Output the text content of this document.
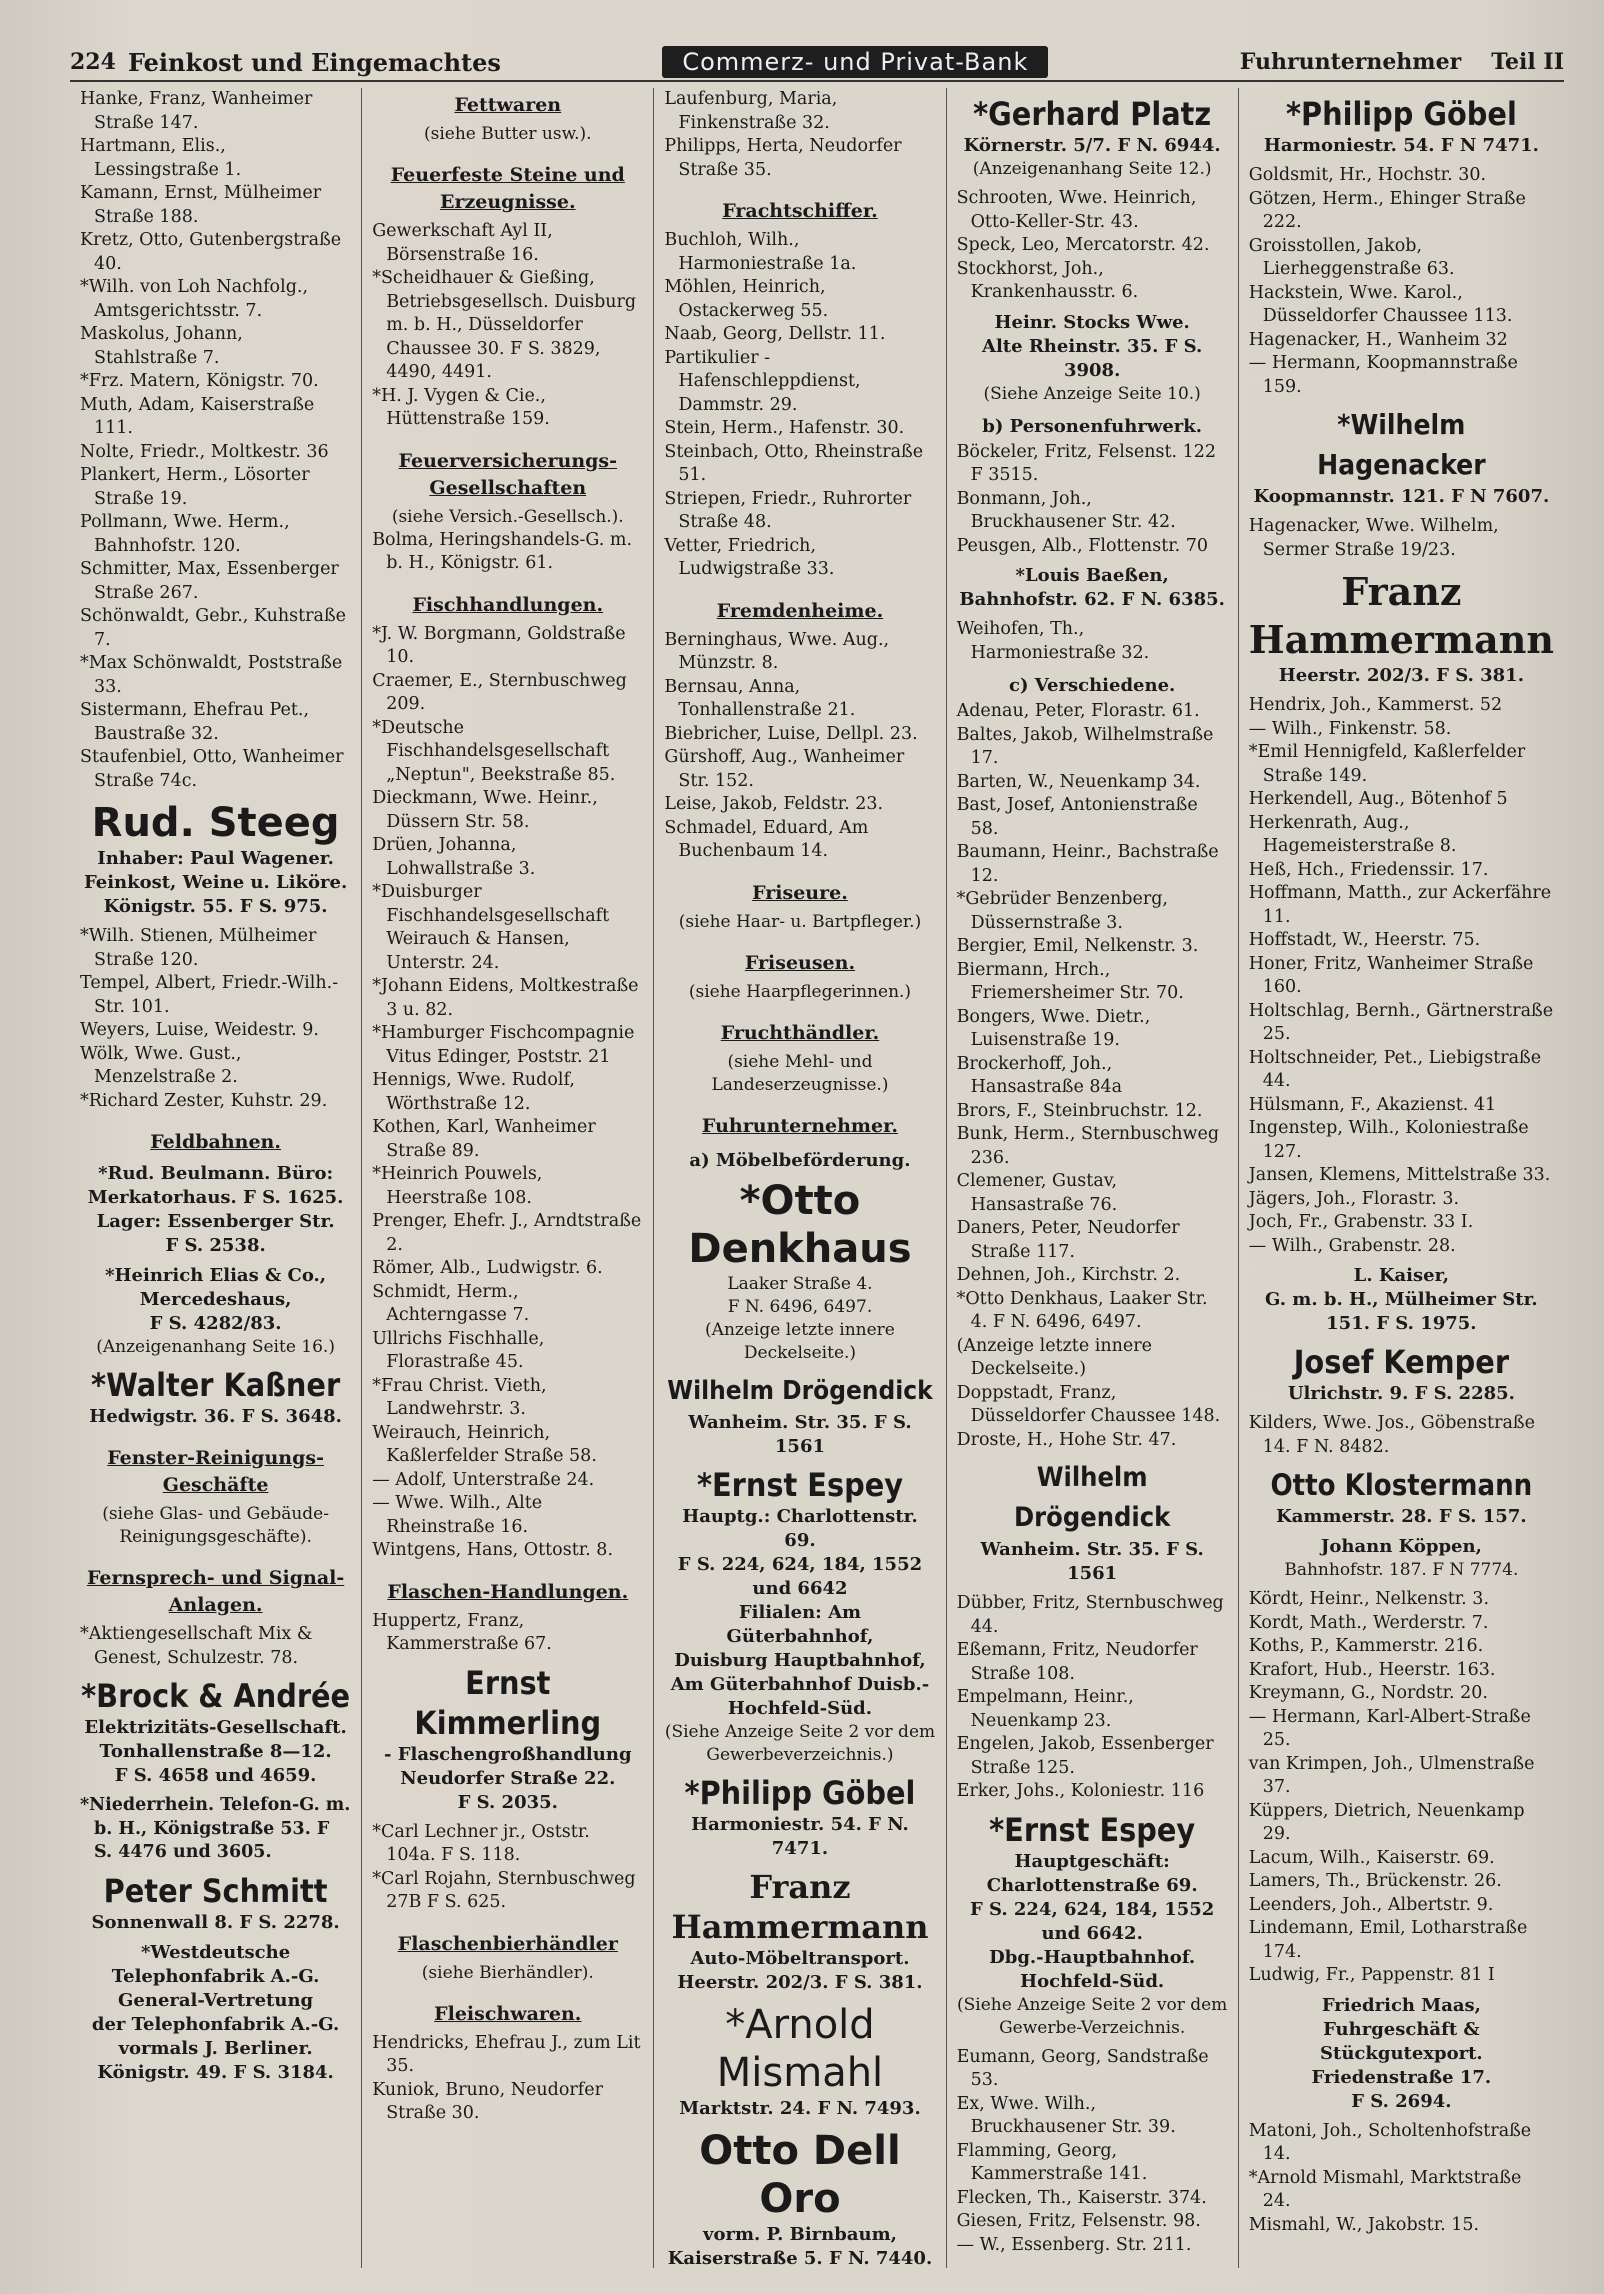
224 Feinkost und Eingemachtes	Commerz- und Privat-Bank	Fuhrunternehmer Teil II

Hanke, Franz, Wanheimer Straße 147.

Hartmann, Elis., Lessingstraße 1.

Kamann, Ernst, Mülheimer Straße 188.

Kretz, Otto, Gutenbergstraße 40.

*Wilh. von Loh Nachfolg., Amtsgerichtsstr. 7.

Maskolus, Johann, Stahlstraße 7.

*Frz. Matern, Königstr. 70.

Muth, Adam, Kaiserstraße 111.

Nolte, Friedr., Moltkestr. 36

Plankert, Herm., Lösorter Straße 19.

Pollmann, Wwe. Herm., Bahnhofstr. 120.

Schmitter, Max, Essenberger Straße 267.

Schönwaldt, Gebr., Kuhstraße 7.

*Max Schönwaldt, Poststraße 33.

Sistermann, Ehefrau Pet., Baustraße 32.

Staufenbiel, Otto, Wanheimer Straße 74c.

Rud. Steeg
Inhaber: Paul Wagener.
Feinkost, Weine u. Liköre.
Königstr. 55. F S. 975.

*Wilh. Stienen, Mülheimer Straße 120.

Tempel, Albert, Friedr.-Wilh.-Str. 101.

Weyers, Luise, Weidestr. 9.

Wölk, Wwe. Gust., Menzelstraße 2.

*Richard Zester, Kuhstr. 29.

Feldbahnen.
*Rud. Beulmann. Büro:
Merkatorhaus. F S. 1625.
Lager: Essenberger Str.
F S. 2538.
*Heinrich Elias & Co.,
Mercedeshaus,
F S. 4282/83.
(Anzeigenanhang Seite 16.)
*Walter Kaßner
Hedwigstr. 36. F S. 3648.
Fenster-Reinigungs-Geschäfte

(siehe Glas- und Gebäude-Reinigungsgeschäfte).

Fernsprech- und Signal-Anlagen.

*Aktiengesellschaft Mix & Genest, Schulzestr. 78.

*Brock & Andrée
Elektrizitäts-Gesellschaft.
Tonhallenstraße 8—12.
F S. 4658 und 4659.

*Niederrhein. Telefon-G. m. b. H., Königstraße 53. F S. 4476 und 3605.

Peter Schmitt
Sonnenwall 8. F S. 2278.
*Westdeutsche
Telephonfabrik A.-G.
General-Vertretung
der Telephonfabrik A.-G.
vormals J. Berliner.
Königstr. 49. F S. 3184.
Fettwaren

(siehe Butter usw.).

Feuerfeste Steine und Erzeugnisse.

Gewerkschaft Ayl II, Börsenstraße 16.

*Scheidhauer & Gießing, Betriebsgesellsch. Duisburg m. b. H., Düsseldorfer Chaussee 30. F S. 3829, 4490, 4491.

*H. J. Vygen & Cie., Hüttenstraße 159.

Feuerversicherungs-Gesellschaften

(siehe Versich.-Gesellsch.).

Bolma, Heringshandels-G. m. b. H., Königstr. 61.

Fischhandlungen.

*J. W. Borgmann, Goldstraße 10.

Craemer, E., Sternbuschweg 209.

*Deutsche Fischhandelsgesellschaft „Neptun", Beekstraße 85.

Dieckmann, Wwe. Heinr., Düssern Str. 58.

Drüen, Johanna, Lohwallstraße 3.

*Duisburger Fischhandelsgesellschaft Weirauch & Hansen, Unterstr. 24.

*Johann Eidens, Moltkestraße 3 u. 82.

*Hamburger Fischcompagnie Vitus Edinger, Poststr. 21

Hennigs, Wwe. Rudolf, Wörthstraße 12.

Kothen, Karl, Wanheimer Straße 89.

*Heinrich Pouwels, Heerstraße 108.

Prenger, Ehefr. J., Arndtstraße 2.

Römer, Alb., Ludwigstr. 6.

Schmidt, Herm., Achterngasse 7.

Ullrichs Fischhalle, Florastraße 45.

*Frau Christ. Vieth, Landwehrstr. 3.

Weirauch, Heinrich, Kaßlerfelder Straße 58.

— Adolf, Unterstraße 24.

— Wwe. Wilh., Alte Rheinstraße 16.

Wintgens, Hans, Ottostr. 8.

Flaschen-Handlungen.

Huppertz, Franz, Kammerstraße 67.

Ernst Kimmerling
- Flaschengroßhandlung
Neudorfer Straße 22.
F S. 2035.

*Carl Lechner jr., Oststr. 104a. F S. 118.

*Carl Rojahn, Sternbuschweg 27B F S. 625.

Flaschenbierhändler

(siehe Bierhändler).

Fleischwaren.

Hendricks, Ehefrau J., zum Lit 35.

Kuniok, Bruno, Neudorfer Straße 30.

Laufenburg, Maria, Finkenstraße 32.

Philipps, Herta, Neudorfer Straße 35.

Frachtschiffer.

Buchloh, Wilh., Harmoniestraße 1a.

Möhlen, Heinrich, Ostackerweg 55.

Naab, Georg, Dellstr. 11.

Partikulier - Hafenschleppdienst, Dammstr. 29.

Stein, Herm., Hafenstr. 30.

Steinbach, Otto, Rheinstraße 51.

Striepen, Friedr., Ruhrorter Straße 48.

Vetter, Friedrich, Ludwigstraße 33.

Fremdenheime.

Berninghaus, Wwe. Aug., Münzstr. 8.

Bernsau, Anna, Tonhallenstraße 21.

Biebricher, Luise, Dellpl. 23.

Gürshoff, Aug., Wanheimer Str. 152.

Leise, Jakob, Feldstr. 23.

Schmadel, Eduard, Am Buchenbaum 14.

Friseure.

(siehe Haar- u. Bartpfleger.)

Friseusen.

(siehe Haarpflegerinnen.)

Fruchthändler.

(siehe Mehl- und Landeserzeugnisse.)

Fuhrunternehmer.
a) Möbelbeförderung.
*Otto Denkhaus
Laaker Straße 4.
F N. 6496, 6497.
(Anzeige letzte innere Deckelseite.)
Wilhelm Drögendick
Wanheim. Str. 35. F S. 1561
*Ernst Espey
Hauptg.: Charlottenstr. 69.
F S. 224, 624, 184, 1552
und 6642
Filialen: Am Güterbahnhof,
Duisburg Hauptbahnhof,
Am Güterbahnhof Duisb.-
Hochfeld-Süd.
(Siehe Anzeige Seite 2 vor dem Gewerbeverzeichnis.)
*Philipp Göbel
Harmoniestr. 54. F N. 7471.
Franz Hammermann
Auto-Möbeltransport.
Heerstr. 202/3. F S. 381.
*Arnold Mismahl
Marktstr. 24. F N. 7493.
Otto Dell Oro
vorm. P. Birnbaum,
Kaiserstraße 5. F N. 7440.
*Gerhard Platz
Körnerstr. 5/7. F N. 6944.
(Anzeigenanhang Seite 12.)

Schrooten, Wwe. Heinrich, Otto-Keller-Str. 43.

Speck, Leo, Mercatorstr. 42.

Stockhorst, Joh., Krankenhausstr. 6.

Heinr. Stocks Wwe.
Alte Rheinstr. 35. F S. 3908.
(Siehe Anzeige Seite 10.)
b) Personenfuhrwerk.

Böckeler, Fritz, Felsenst. 122 F 3515.

Bonmann, Joh., Bruckhausener Str. 42.

Peusgen, Alb., Flottenstr. 70

*Louis Baeßen,
Bahnhofstr. 62. F N. 6385.

Weihofen, Th., Harmoniestraße 32.

c) Verschiedene.

Adenau, Peter, Florastr. 61.

Baltes, Jakob, Wilhelmstraße 17.

Barten, W., Neuenkamp 34.

Bast, Josef, Antonienstraße 58.

Baumann, Heinr., Bachstraße 12.

*Gebrüder Benzenberg, Düssernstraße 3.

Bergier, Emil, Nelkenstr. 3.

Biermann, Hrch., Friemersheimer Str. 70.

Bongers, Wwe. Dietr., Luisenstraße 19.

Brockerhoff, Joh., Hansastraße 84a

Brors, F., Steinbruchstr. 12.

Bunk, Herm., Sternbuschweg 236.

Clemener, Gustav, Hansastraße 76.

Daners, Peter, Neudorfer Straße 117.

Dehnen, Joh., Kirchstr. 2.

*Otto Denkhaus, Laaker Str. 4. F N. 6496, 6497.

(Anzeige letzte innere Deckelseite.)

Doppstadt, Franz, Düsseldorfer Chaussee 148.

Droste, H., Hohe Str. 47.

Wilhelm Drögendick
Wanheim. Str. 35. F S. 1561

Dübber, Fritz, Sternbuschweg 44.

Eßemann, Fritz, Neudorfer Straße 108.

Empelmann, Heinr., Neuenkamp 23.

Engelen, Jakob, Essenberger Straße 125.

Erker, Johs., Koloniestr. 116

*Ernst Espey
Hauptgeschäft:
Charlottenstraße 69.
F S. 224, 624, 184, 1552
und 6642.
Dbg.-Hauptbahnhof.
Hochfeld-Süd.
(Siehe Anzeige Seite 2 vor dem Gewerbe-Verzeichnis.

Eumann, Georg, Sandstraße 53.

Ex, Wwe. Wilh., Bruckhausener Str. 39.

Flamming, Georg, Kammerstraße 141.

Flecken, Th., Kaiserstr. 374.

Giesen, Fritz, Felsenstr. 98.

— W., Essenberg. Str. 211.

*Philipp Göbel
Harmoniestr. 54. F N 7471.

Goldsmit, Hr., Hochstr. 30.

Götzen, Herm., Ehinger Straße 222.

Groisstollen, Jakob, Lierheggenstraße 63.

Hackstein, Wwe. Karol., Düsseldorfer Chaussee 113.

Hagenacker, H., Wanheim 32

— Hermann, Koopmannstraße 159.

*Wilhelm Hagenacker
Koopmannstr. 121. F N 7607.

Hagenacker, Wwe. Wilhelm, Sermer Straße 19/23.

Franz Hammermann
Heerstr. 202/3. F S. 381.

Hendrix, Joh., Kammerst. 52

— Wilh., Finkenstr. 58.

*Emil Hennigfeld, Kaßlerfelder Straße 149.

Herkendell, Aug., Bötenhof 5

Herkenrath, Aug., Hagemeisterstraße 8.

Heß, Hch., Friedenssir. 17.

Hoffmann, Matth., zur Ackerfähre 11.

Hoffstadt, W., Heerstr. 75.

Honer, Fritz, Wanheimer Straße 160.

Holtschlag, Bernh., Gärtnerstraße 25.

Holtschneider, Pet., Liebigstraße 44.

Hülsmann, F., Akazienst. 41

Ingenstep, Wilh., Koloniestraße 127.

Jansen, Klemens, Mittelstraße 33.

Jägers, Joh., Florastr. 3.

Joch, Fr., Grabenstr. 33 I.

— Wilh., Grabenstr. 28.

L. Kaiser,
G. m. b. H., Mülheimer Str. 151. F S. 1975.
Josef Kemper
Ulrichstr. 9. F S. 2285.

Kilders, Wwe. Jos., Göbenstraße 14. F N. 8482.

Otto Klostermann
Kammerstr. 28. F S. 157.
Johann Köppen,
Bahnhofstr. 187. F N 7774.

Kördt, Heinr., Nelkenstr. 3.

Kordt, Math., Werderstr. 7.

Koths, P., Kammerstr. 216.

Krafort, Hub., Heerstr. 163.

Kreymann, G., Nordstr. 20.

— Hermann, Karl-Albert-Straße 25.

van Krimpen, Joh., Ulmenstraße 37.

Küppers, Dietrich, Neuenkamp 29.

Lacum, Wilh., Kaiserstr. 69.

Lamers, Th., Brückenstr. 26.

Leenders, Joh., Albertstr. 9.

Lindemann, Emil, Lotharstraße 174.

Ludwig, Fr., Pappenstr. 81 I

Friedrich Maas,
Fuhrgeschäft & Stückgutexport. Friedenstraße 17.
F S. 2694.

Matoni, Joh., Scholtenhofstraße 14.

*Arnold Mismahl, Marktstraße 24.

Mismahl, W., Jakobstr. 15.
